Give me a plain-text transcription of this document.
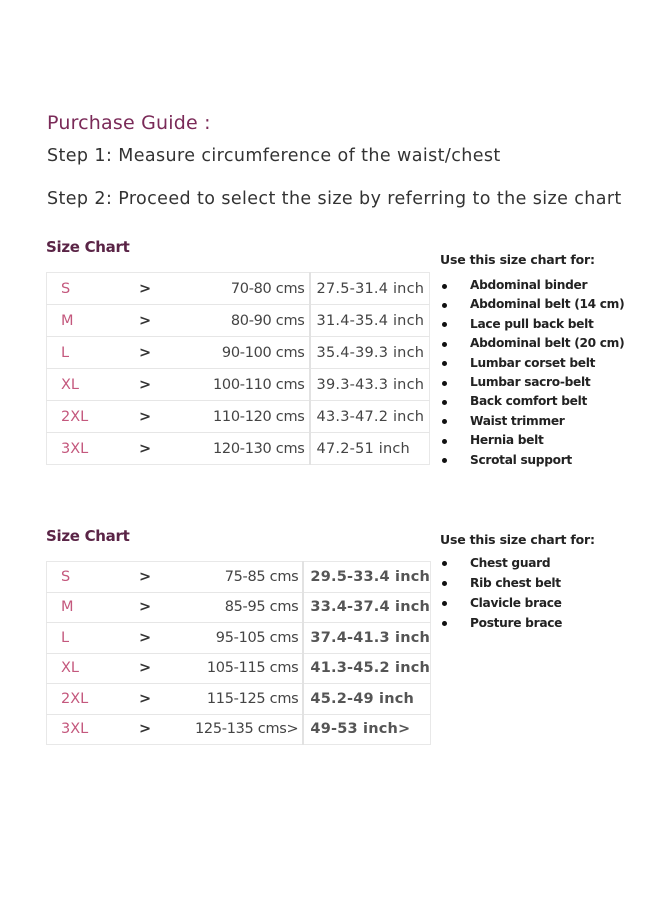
Purchase Guide :
Step 1: Measure circumference of the waist/chest
Step 2: Proceed to select the size by referring to the size chart
Size Chart
S	>	70-80 cms	27.5-31.4 inch
M	>	80-90 cms	31.4-35.4 inch
L	>	90-100 cms	35.4-39.3 inch
XL	>	100-110 cms	39.3-43.3 inch
2XL	>	110-120 cms	43.3-47.2 inch
3XL	>	120-130 cms	47.2-51 inch
Use this size chart for:
Abdominal binder
Abdominal belt (14 cm)
Lace pull back belt
Abdominal belt (20 cm)
Lumbar corset belt
Lumbar sacro-belt
Back comfort belt
Waist trimmer
Hernia belt
Scrotal support
Size Chart
S	>	75-85 cms	29.5-33.4 inch
M	>	85-95 cms	33.4-37.4 inch
L	>	95-105 cms	37.4-41.3 inch
XL	>	105-115 cms	41.3-45.2 inch
2XL	>	115-125 cms	45.2-49 inch
3XL	>	125-135 cms>	49-53 inch>
Use this size chart for:
Chest guard
Rib chest belt
Clavicle brace
Posture brace
